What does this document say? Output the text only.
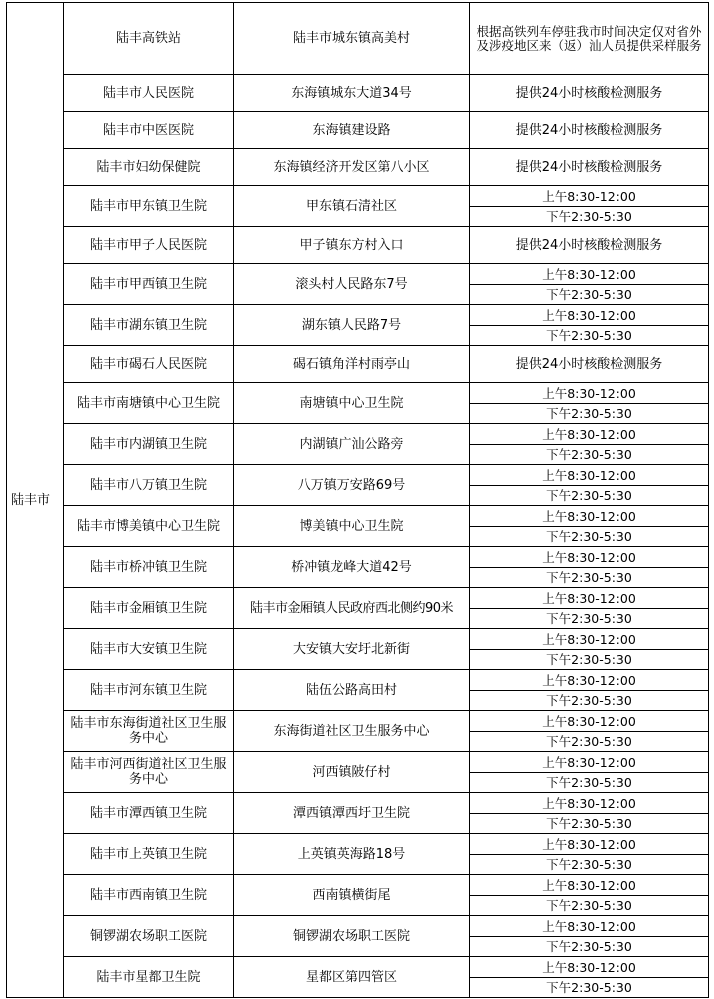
陆丰市	陆丰高铁站	陆丰市城东镇高美村	根据高铁列车停驻我市时间决定仅对省外及涉疫地区来（返）汕人员提供采样服务
	陆丰市人民医院	东海镇城东大道34号	提供24小时核酸检测服务
	陆丰市中医医院	东海镇建设路	提供24小时核酸检测服务
	陆丰市妇幼保健院	东海镇经济开发区第八小区	提供24小时核酸检测服务
	陆丰市甲东镇卫生院	甲东镇石清社区	上午8:30-12:00
			下午2:30-5:30
	陆丰市甲子人民医院	甲子镇东方村入口	提供24小时核酸检测服务
	陆丰市甲西镇卫生院	滚头村人民路东7号	上午8:30-12:00
			下午2:30-5:30
	陆丰市湖东镇卫生院	湖东镇人民路7号	上午8:30-12:00
			下午2:30-5:30
	陆丰市碣石人民医院	碣石镇角洋村雨亭山	提供24小时核酸检测服务
	陆丰市南塘镇中心卫生院	南塘镇中心卫生院	上午8:30-12:00
			下午2:30-5:30
	陆丰市内湖镇卫生院	内湖镇广汕公路旁	上午8:30-12:00
			下午2:30-5:30
	陆丰市八万镇卫生院	八万镇万安路69号	上午8:30-12:00
			下午2:30-5:30
	陆丰市博美镇中心卫生院	博美镇中心卫生院	上午8:30-12:00
			下午2:30-5:30
	陆丰市桥冲镇卫生院	桥冲镇龙峰大道42号	上午8:30-12:00
			下午2:30-5:30
	陆丰市金厢镇卫生院	陆丰市金厢镇人民政府西北侧约90米	上午8:30-12:00
			下午2:30-5:30
	陆丰市大安镇卫生院	大安镇大安圩北新街	上午8:30-12:00
			下午2:30-5:30
	陆丰市河东镇卫生院	陆伍公路高田村	上午8:30-12:00
			下午2:30-5:30
	陆丰市东海街道社区卫生服务中心	东海街道社区卫生服务中心	上午8:30-12:00
			下午2:30-5:30
	陆丰市河西街道社区卫生服务中心	河西镇陂仔村	上午8:30-12:00
			下午2:30-5:30
	陆丰市潭西镇卫生院	潭西镇潭西圩卫生院	上午8:30-12:00
			下午2:30-5:30
	陆丰市上英镇卫生院	上英镇英海路18号	上午8:30-12:00
			下午2:30-5:30
	陆丰市西南镇卫生院	西南镇横街尾	上午8:30-12:00
			下午2:30-5:30
	铜锣湖农场职工医院	铜锣湖农场职工医院	上午8:30-12:00
			下午2:30-5:30
	陆丰市星都卫生院	星都区第四管区	上午8:30-12:00
			下午2:30-5:30
